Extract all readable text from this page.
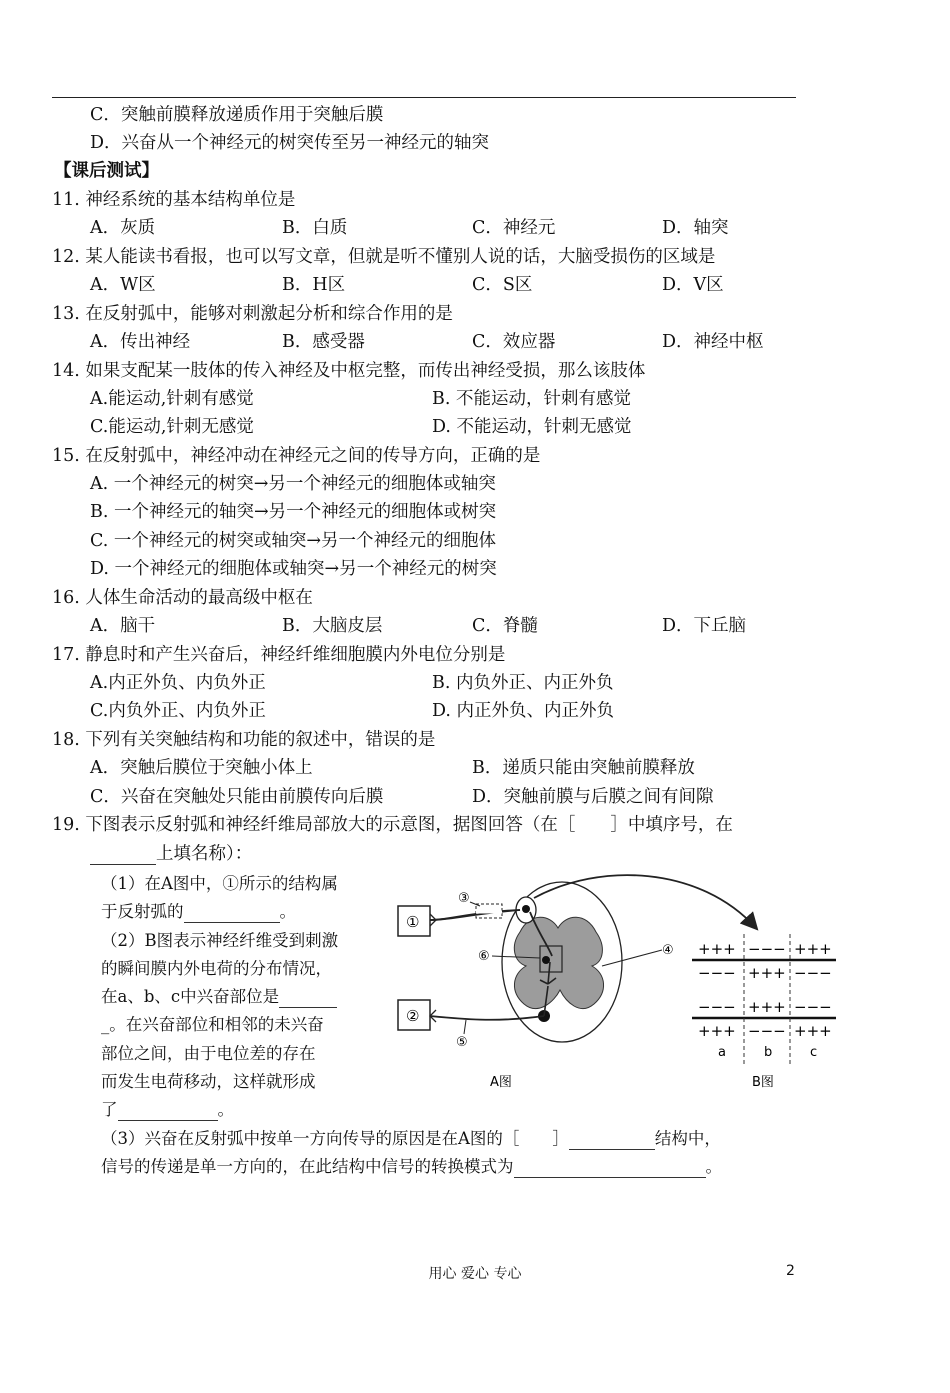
C．突触前膜释放递质作用于突触后膜
D．兴奋从一个神经元的树突传至另一神经元的轴突
【课后测试】
11. 神经系统的基本结构单位是
A．灰质	B．白质	C．神经元	D．轴突
12. 某人能读书看报，也可以写文章，但就是听不懂别人说的话，大脑受损伤的区域是
A．W区	B．H区	C．S区	D．V区
13. 在反射弧中，能够对刺激起分析和综合作用的是
A．传出神经	B．感受器	C．效应器	D．神经中枢
14. 如果支配某一肢体的传入神经及中枢完整，而传出神经受损，那么该肢体
A.能运动,针刺有感觉	B. 不能运动，针刺有感觉
C.能运动,针刺无感觉	D. 不能运动，针刺无感觉
15. 在反射弧中，神经冲动在神经元之间的传导方向，正确的是
A. 一个神经元的树突→另一个神经元的细胞体或轴突
B. 一个神经元的轴突→另一个神经元的细胞体或树突
C. 一个神经元的树突或轴突→另一个神经元的细胞体
D. 一个神经元的细胞体或轴突→另一个神经元的树突
16. 人体生命活动的最高级中枢在
A．脑干	B．大脑皮层	C．脊髓	D．下丘脑
17. 静息时和产生兴奋后，神经纤维细胞膜内外电位分别是
A.内正外负、内负外正	B. 内负外正、内正外负
C.内负外正、内负外正	D. 内正外负、内正外负
18. 下列有关突触结构和功能的叙述中，错误的是
A．突触后膜位于突触小体上	B．递质只能由突触前膜释放
C．兴奋在突触处只能由前膜传向后膜	D．突触前膜与后膜之间有间隙
19. 下图表示反射弧和神经纤维局部放大的示意图，据图回答（在［　　］中填序号，在
上填名称）：
（1）在A图中，①所示的结构属
于反射弧的	。
（2）B图表示神经纤维受到刺激
的瞬间膜内外电荷的分布情况，
在a、b、c中兴奋部位是
_。在兴奋部位和相邻的未兴奋
部位之间，由于电位差的存在
而发生电荷移动，这样就形成
了	。
（3）兴奋在反射弧中按单一方向传导的原因是在A图的［　　］	结构中，
信号的传递是单一方向的，在此结构中信号的转换模式为	。
①
②
③
⑥
⑤
④ +++ −−− +++
−−− +++ −−−
−−− +++ −−−
+++ −−− +++
a	b	c
A图	B图
用心 爱心 专心	2
